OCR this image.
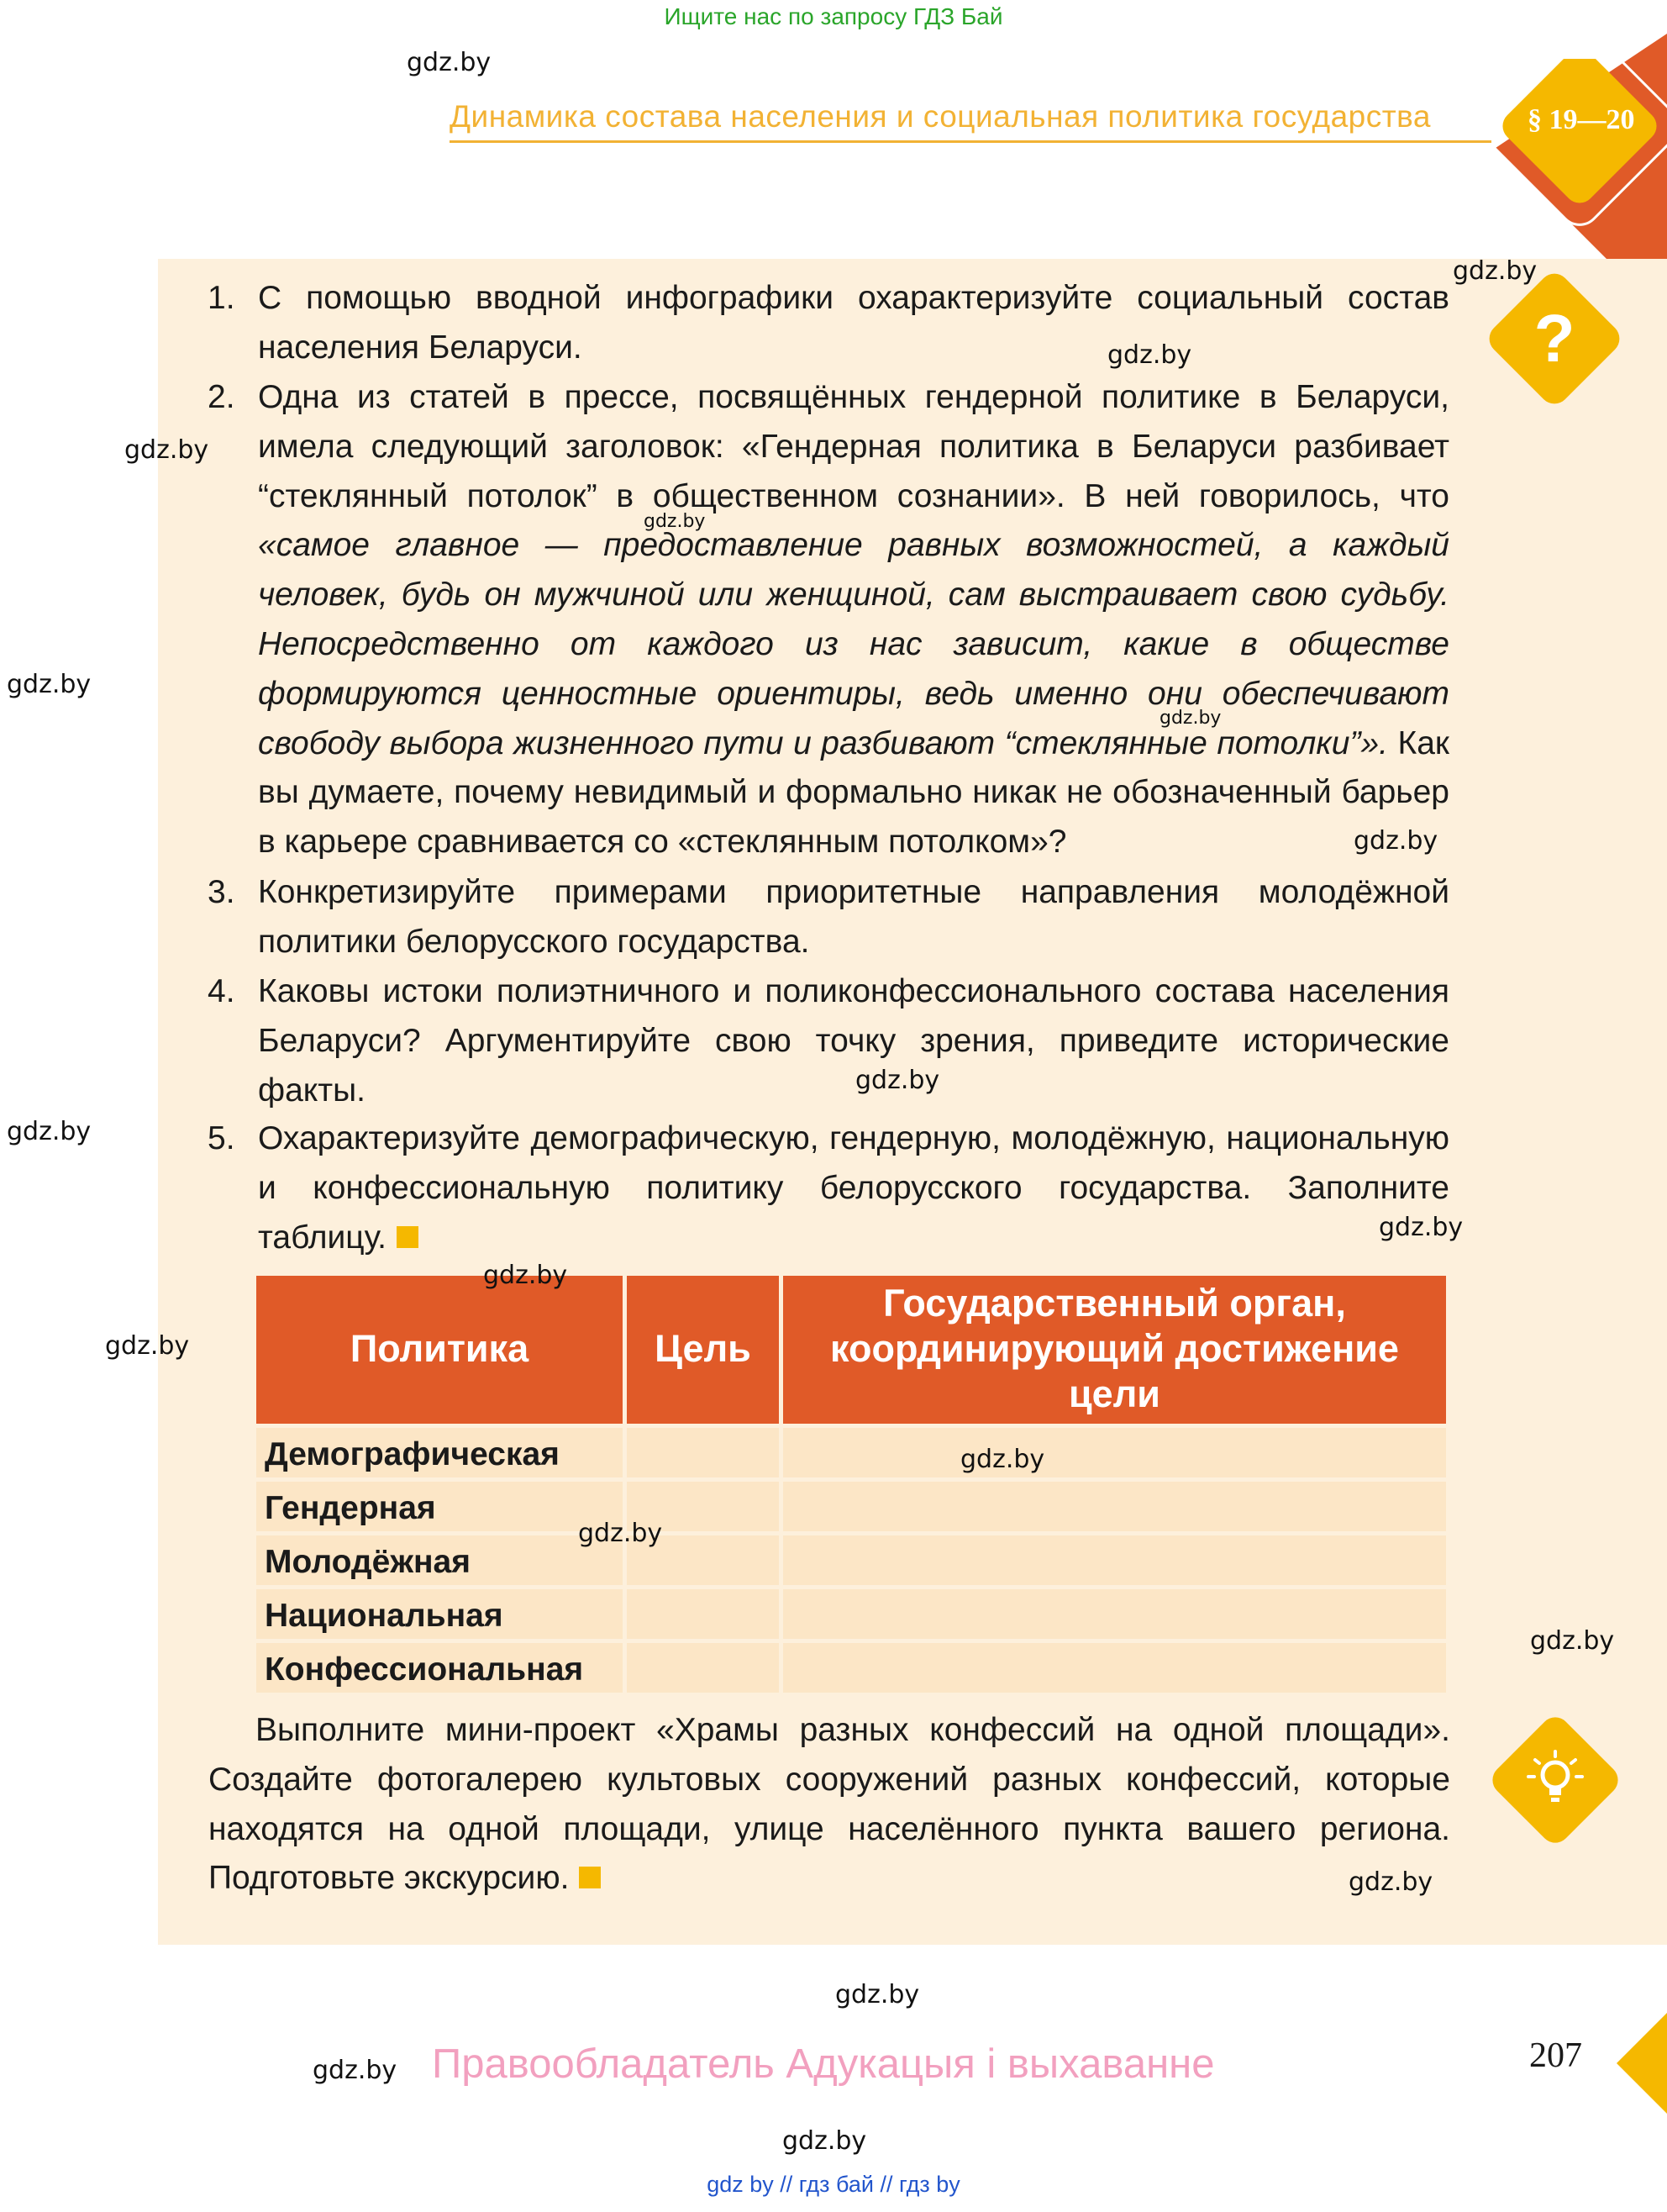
Ищите нас по запросу ГДЗ Бай
§ 19—20
Динамика состава населения и социальная политика государства
?
1. С помощью вводной инфографики охарактеризуйте социальный состав населения Беларуси.
2. Одна из статей в прессе, посвящённых гендерной политике в Беларуси, имела следующий заголовок: «Гендерная политика в Беларуси разбивает “стеклянный потолок” в общественном сознании». В ней говорилось, что «самое главное — предоставление равных возможностей, а каждый человек, будь он мужчиной или женщиной, сам выстраивает свою судьбу. Непосредственно от каждого из нас зависит, какие в обществе формируются ценностные ориентиры, ведь именно они обеспечивают свободу выбора жизненного пути и разбивают “стеклянные потолки”». Как вы думаете, почему невидимый и формально никак не обозначенный барьер в карьере сравнивается со «стеклянным потолком»?
3. Конкретизируйте примерами приоритетные направления молодёжной политики белорусского государства.
4. Каковы истоки полиэтничного и поликонфессионального состава населения Беларуси? Аргументируйте свою точку зрения, приведите исторические факты.
5. Охарактеризуйте демографическую, гендерную, молодёжную, национальную и конфессиональную политику белорусского государства. Заполните таблицу.
Политика	Цель	Государственный орган, координирующий достижение цели
Демографическая		
Гендерная		
Молодёжная		
Национальная		
Конфессиональная		
Выполните мини-проект «Храмы разных конфессий на одной площади». Создайте фотогалерею культовых сооружений разных конфессий, которые находятся на одной площади, улице населённого пункта вашего региона. Подготовьте экскурсию.
207
Правообладатель Адукацыя і выхаванне
gdz.by
gdz.by
gdz.by
gdz.by
gdz.by
gdz.by
gdz.by
gdz.by
gdz.by
gdz.by
gdz.by
gdz.by
gdz.by
gdz.by
gdz.by
gdz.by
gdz.by
gdz.by
gdz.by
gdz.by
gdz by // гдз бай // гдз by
